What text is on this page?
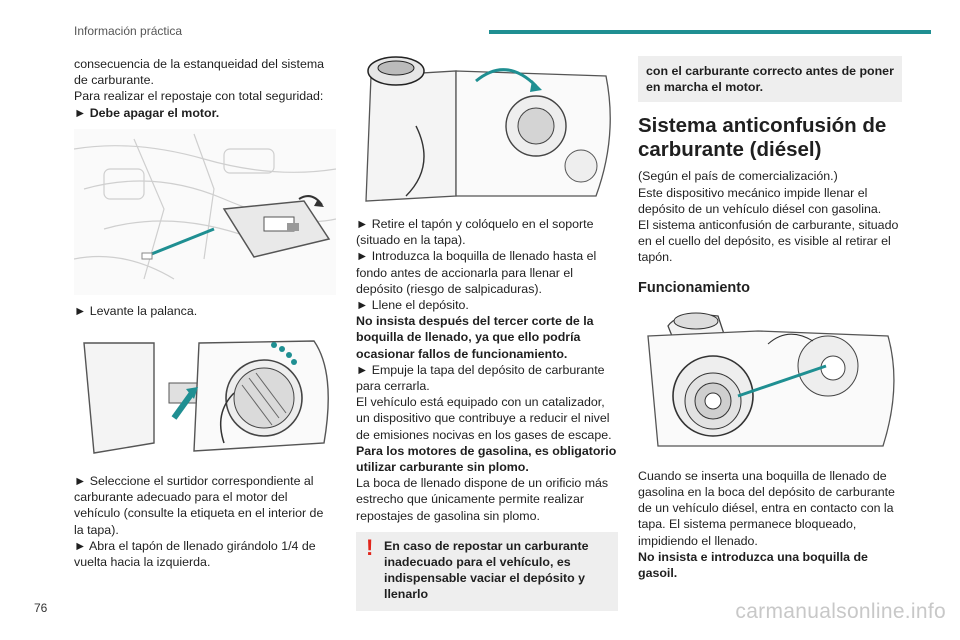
Información práctica

consecuencia de la estanqueidad del sistema de carburante.

Para realizar el repostaje con total seguridad:

► Debe apagar el motor.

► Levante la palanca.

► Seleccione el surtidor correspondiente al carburante adecuado para el motor del vehículo (consulte la etiqueta en el interior de la tapa).

► Abra el tapón de llenado girándolo 1/4 de vuelta hacia la izquierda.

► Retire el tapón y colóquelo en el soporte (situado en la tapa).

► Introduzca la boquilla de llenado hasta el fondo antes de accionarla para llenar el depósito (riesgo de salpicaduras).

► Llene el depósito.

No insista después del tercer corte de la boquilla de llenado, ya que ello podría ocasionar fallos de funcionamiento.

► Empuje la tapa del depósito de carburante para cerrarla.

El vehículo está equipado con un catalizador, un dispositivo que contribuye a reducir el nivel de emisiones nocivas en los gases de escape.

Para los motores de gasolina, es obligatorio utilizar carburante sin plomo.

La boca de llenado dispone de un orificio más estrecho que únicamente permite realizar repostajes de gasolina sin plomo.

! En caso de repostar un carburante inadecuado para el vehículo, es indispensable vaciar el depósito y llenarlo
con el carburante correcto antes de poner en marcha el motor.
Sistema anticonfusión de carburante (diésel)

(Según el país de comercialización.)

Este dispositivo mecánico impide llenar el depósito de un vehículo diésel con gasolina.

El sistema anticonfusión de carburante, situado en el cuello del depósito, es visible al retirar el tapón.

Funcionamiento

Cuando se inserta una boquilla de llenado de gasolina en la boca del depósito de carburante de un vehículo diésel, entra en contacto con la tapa. El sistema permanece bloqueado, impidiendo el llenado.

No insista e introduzca una boquilla de gasoil.

76	carmanualsonline.info
